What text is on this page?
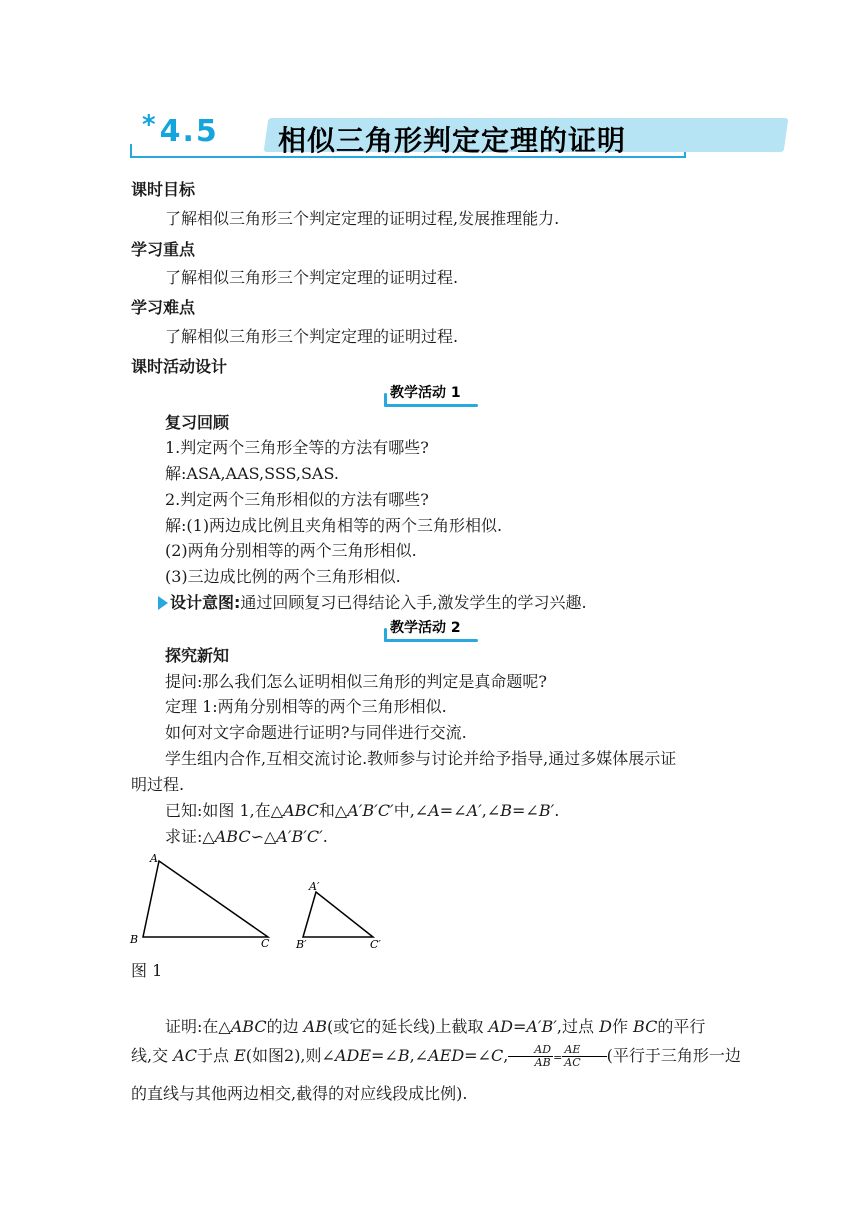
*4.5 相似三角形判定定理的证明
课时目标
了解相似三角形三个判定定理的证明过程,发展推理能力.
学习重点
了解相似三角形三个判定定理的证明过程.
学习难点
了解相似三角形三个判定定理的证明过程.
课时活动设计
教学活动 1
复习回顾
1.判定两个三角形全等的方法有哪些?
解:ASA,AAS,SSS,SAS.
2.判定两个三角形相似的方法有哪些?
解:(1)两边成比例且夹角相等的两个三角形相似.
(2)两角分别相等的两个三角形相似.
(3)三边成比例的两个三角形相似.
设计意图:通过回顾复习已得结论入手,激发学生的学习兴趣.
教学活动 2
探究新知
提问:那么我们怎么证明相似三角形的判定是真命题呢?
定理 1:两角分别相等的两个三角形相似.
如何对文字命题进行证明?与同伴进行交流.
学生组内合作,互相交流讨论.教师参与讨论并给予指导,通过多媒体展示证
明过程.
已知:如图 1,在△ABC和△A′B′C′中,∠A=∠A′,∠B=∠B′.
求证:△ABC∽△A′B′C′.
A
B	C
A′
B′	C′
图 1
证明:在△ABC的边 AB(或它的延长线)上截取 AD=A′B′,过点 D作 BC的平行
线,交 AC于点 E(如图2),则∠ADE=∠B,∠AED=∠C, $\frac{AD}{AB} = \frac{AE}{AC}$ (平行于三角形一边
的直线与其他两边相交,截得的对应线段成比例).
